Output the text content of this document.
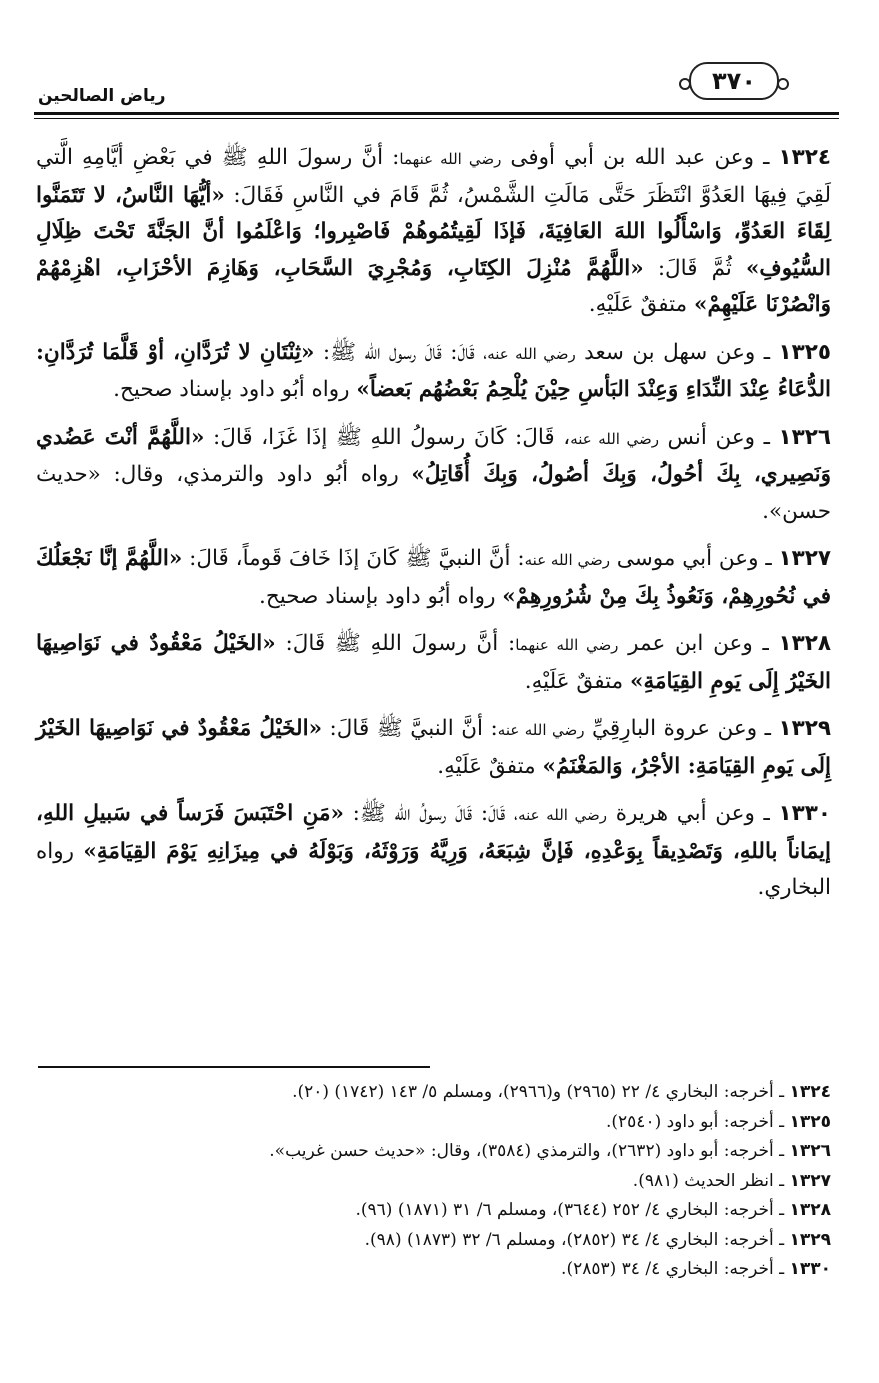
٣٧٠
رياض الصالحين

١٣٢٤ ـ وعن عبد الله بن أبي أوفى رضي الله عنهما: أنَّ رسولَ اللهِ ﷺ في بَعْضِ أيَّامِهِ الَّتي لَقِيَ فِيهَا العَدُوَّ انْتَظَرَ حَتَّى مَالَتِ الشَّمْسُ، ثُمَّ قَامَ في النَّاسِ فَقَالَ: «أيُّهَا النَّاسُ، لا تَتَمَنَّوا لِقَاءَ العَدُوِّ، وَاسْأَلُوا اللهَ العَافِيَةَ، فَإذَا لَقِيتُمُوهُمْ فَاصْبِروا؛ وَاعْلَمُوا أنَّ الجَنَّةَ تَحْتَ ظِلَالِ السُّيُوفِ» ثُمَّ قَالَ: «اللَّهُمَّ مُنْزِلَ الكِتَابِ، وَمُجْرِيَ السَّحَابِ، وَهَازِمَ الأحْزَابِ، اهْزِمْهُمْ وَانْصُرْنَا عَلَيْهِمْ» متفقٌ عَلَيْهِ.

١٣٢٥ ـ وعن سهل بن سعد رضي الله عنه، قَالَ: قَالَ رسول الله ﷺ: «ثِنْتَانِ لا تُرَدَّانِ، أوْ قَلَّمَا تُرَدَّانِ: الدُّعَاءُ عِنْدَ النِّدَاءِ وَعِنْدَ البَأسِ حِيْنَ يُلْحِمُ بَعْضُهُم بَعضاً» رواه أبُو داود بإسناد صحيح.

١٣٢٦ ـ وعن أنس رضي الله عنه، قَالَ: كَانَ رسولُ اللهِ ﷺ إذَا غَزَا، قَالَ: «اللَّهُمَّ أنْتَ عَضُدي وَنَصِيري، بِكَ أحُولُ، وَبِكَ أصُولُ، وَبِكَ أُقَاتِلُ» رواه أبُو داود والترمذي، وقال: «حديث حسن».

١٣٢٧ ـ وعن أبي موسى رضي الله عنه: أنَّ النبيَّ ﷺ كَانَ إذَا خَافَ قَوماً، قَالَ: «اللَّهُمَّ إنَّا نَجْعَلُكَ في نُحُورِهِمْ، وَنَعُوذُ بِكَ مِنْ شُرُورِهِمْ» رواه أبُو داود بإسناد صحيح.

١٣٢٨ ـ وعن ابن عمر رضي الله عنهما: أنَّ رسولَ اللهِ ﷺ قَالَ: «الخَيْلُ مَعْقُودٌ في نَوَاصِيهَا الخَيْرُ إِلَى يَومِ القِيَامَةِ» متفقٌ عَلَيْهِ.

١٣٢٩ ـ وعن عروة البارِقِيِّ رضي الله عنه: أنَّ النبيَّ ﷺ قَالَ: «الخَيْلُ مَعْقُودٌ في نَوَاصِيهَا الخَيْرُ إِلَى يَومِ القِيَامَةِ: الأجْرُ، وَالمَغْنَمُ» متفقٌ عَلَيْهِ.

١٣٣٠ ـ وعن أبي هريرة رضي الله عنه، قَالَ: قَالَ رسولُ الله ﷺ: «مَنِ احْتَبَسَ فَرَساً في سَبيلِ اللهِ، إيمَاناً باللهِ، وَتَصْدِيقاً بِوَعْدِهِ، فَإنَّ شِبَعَهُ، وَرِيَّهُ وَرَوْثَهُ، وَبَوْلَهُ في مِيزَانِهِ يَوْمَ القِيَامَةِ» رواه البخاري.

١٣٢٤ ـ أخرجه: البخاري ٤/ ٢٢ (٢٩٦٥) و(٢٩٦٦)، ومسلم ٥/ ١٤٣ (١٧٤٢) (٢٠).
١٣٢٥ ـ أخرجه: أبو داود (٢٥٤٠).
١٣٢٦ ـ أخرجه: أبو داود (٢٦٣٢)، والترمذي (٣٥٨٤)، وقال: «حديث حسن غريب».
١٣٢٧ ـ انظر الحديث (٩٨١).
١٣٢٨ ـ أخرجه: البخاري ٤/ ٢٥٢ (٣٦٤٤)، ومسلم ٦/ ٣١ (١٨٧١) (٩٦).
١٣٢٩ ـ أخرجه: البخاري ٤/ ٣٤ (٢٨٥٢)، ومسلم ٦/ ٣٢ (١٨٧٣) (٩٨).
١٣٣٠ ـ أخرجه: البخاري ٤/ ٣٤ (٢٨٥٣).
